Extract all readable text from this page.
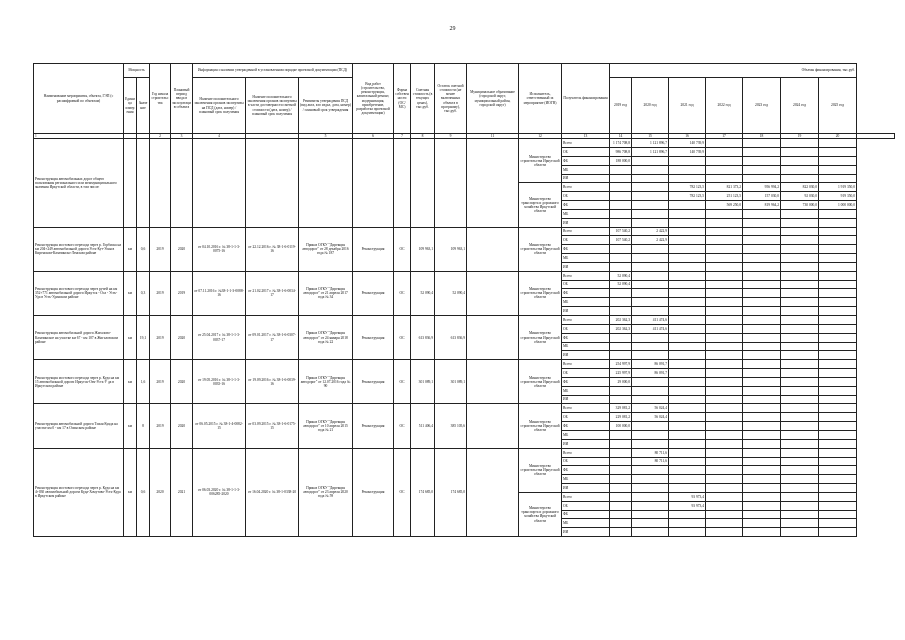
29
Наименование мероприятия, объекта, ГЭП (с расшифровкой по объектам)	Мощность		Год начала строительства	Плановый период ввода в эксплуатацию объекта	Информация о наличии утвержденной в установленном порядке проектной документации (ПСД)			Вид работ (строительство, реконструкция, капитальный ремонт, модернизация, приобретение, разработка проектной документации)	Форма собственности (ОС/МС)	Сметная стоимость (в текущих ценах), тыс.руб.	Остаток сметной стоимости (не менее включенных объекта в программу), тыс.руб.	Муниципальное образование (городской округ, муниципальный район, городской округ)	Исполнитель, ответственный за мероприятие (ИОГВ)	Получатель финансирования	Объемы финансирования, тыс.руб.							
	Единица измерения	Значение			Наличие положительного заключения органов экспертизы на ПСД (дата, номер) / плановый срок получения	Наличие положительного заключения органов экспертизы в части достоверности сметной стоимости (дата, номер) / плановый срок получения	Реквизиты утверждения ПСД (вид акта, кто издал, дата, номер) / плановый срок утверждения								2019 год	2020 год	2021 год	2022 год	2023 год	2024 год	2025 год	
1			2	3	4		5	6	7	8	9	11	12	13	14	15	16	17	18	19	20	
Реконструкция автомобильных дорог общего пользования регионального или межмуниципального значения Иркутской области, в том числе:													Министерство строительства Иркутской области	Всего	1 174 708,8	1 121 896,7	140 739,9					
														ОБ	986 708,8	1 121 896,7	140 739,9					
														ФБ	188 000,0							
														МБ								
														ИИ								
													Министерство транспорта и дорожного хозяйства Иркутской области	Всего			782 123,5	821 373,2	956 994,2	822 030,0	1 919 350,0	
														ОБ			782 123,5	251 123,5	157 030,0	92 030,0	919 350,0	
														ФБ				569 250,0	819 964,2	730 000,0	1 000 000,0	
														МБ								
														ИИ								
Реконструкция мостового перехода через р. Горбиска на км 204+249 автомобильной дороги Усть-Кут-Уоян в Киренском-Казачинско-Ленском районе	км	0,6	2019	2020	от 04.10.2016 г. № 38-1-1-3-0075-16	от 22.12.2016 г. № 38-1-6-0119-16	Приказ ОГКУ "Дирекция автодорог" от 28 декабря 2016 года № 187	Реконструкция	ОС	109 963,1	109 963,1		Министерство строительства Иркутской области	Всего	107 540,2	2 422,9						
														ОБ	107 540,2	2 422,9						
														ФБ								
														МБ								
														ИИ								
Реконструкция мостового перехода через ручей на км 352+771 автомобильной дороги Иркутск - Оса - Усть-Уда в Усть-Удинском районе	км	0,3	2019	2019	от 07.11.2016 г. №38-1-1-3-0088-16	от 21.02.2017 г. № 38-1-6-0034-17	Приказ ОГКУ "Дирекция автодорог" от 21 апреля 2017 года № 34	Реконструкция	ОС	52 090,4	52 090,4		Министерство строительства Иркутской области	Всего	52 090,4							
														ОБ	52 090,4							
														ФБ								
														МБ								
														ИИ								
Реконструкция автомобильной дороги Жигалово-Казачинское на участке км 67 - км 107 в Жигаловском районе	км	19,1	2019	2020	от 25.04.2017 г. № 38-1-1-3-0037-17	от 09.01.2017 г. № 38-1-6-0307-17	Приказ ОГКУ "Дирекция автодорог" от 24 января 2018 года № 22	Реконструкция	ОС	613 836,9	613 836,9		Министерство строительства Иркутской области	Всего	202 362,3	411 474,6						
														ОБ	202 362,3	411 474,6						
														ФБ								
														МБ								
														ИИ								
Реконструкция мостового перехода через р. Куда на км 15 автомобильной дороги Иркутск-Оек-Усть-У да в Иркутском районе	км	1,6	2019	2020	от 19.05.2016 г. № 38-1-1-3-0035-16	от 19.09.2016 г. № 38-1-6-0039-16	Приказ ОГКУ "Дирекция автодорог" от 12.07.2016 года № 90	Реконструкция	ОС	301 089,1	301 089,1		Министерство строительства Иркутской области	Всего	254 997,9	86 091,7						
														ОБ	225 997,9	86 091,7						
														ФБ	29 000,0							
														МБ								
														ИИ								
Реконструкция автомобильной дороги Тихая Куяда на участке км 0 - км 17 в Осинском районе	км	8	2019	2020	от 06.05.2015 г. № 38-1-4-0082-15	от 03.09.2015 г. № 38-1-6-0175-15	Приказ ОГКУ "Дирекция автодорог" от 10 апреля 2015 года № 21	Реконструкция	ОС	511 406,4	385 105,6		Министерство строительства Иркутской области	Всего	329 081,2	56 024,4						
														ОБ	229 081,2	56 024,4						
														ФБ	100 000,0							
														МБ								
														ИИ								
Реконструкция мостового перехода через р. Куда на км 4+030 автомобильной дороги Куда-Хомутово-Усть-Куда в Иркутском районе	км	0,6	2020	2021	от 06.03.2020 г. № 38-1-1-3-006285-2020	от 16.04.2020 г. № 38-1-0338-20	Приказ ОГКУ "Дирекция автодорог" от 23 апреля 2020 года № 59	Реконструкция	ОС	174 685,0	174 685,0		Министерство строительства Иркутской области	Всего		80 711,6						
														ОБ		80 711,6						
														ФБ								
														МБ								
														ИИ								
													Министерство транспорта и дорожного хозяйства Иркутской области	Всего			93 973,4					
														ОБ			93 973,4					
														ФБ								
														МБ								
														ИИ								
